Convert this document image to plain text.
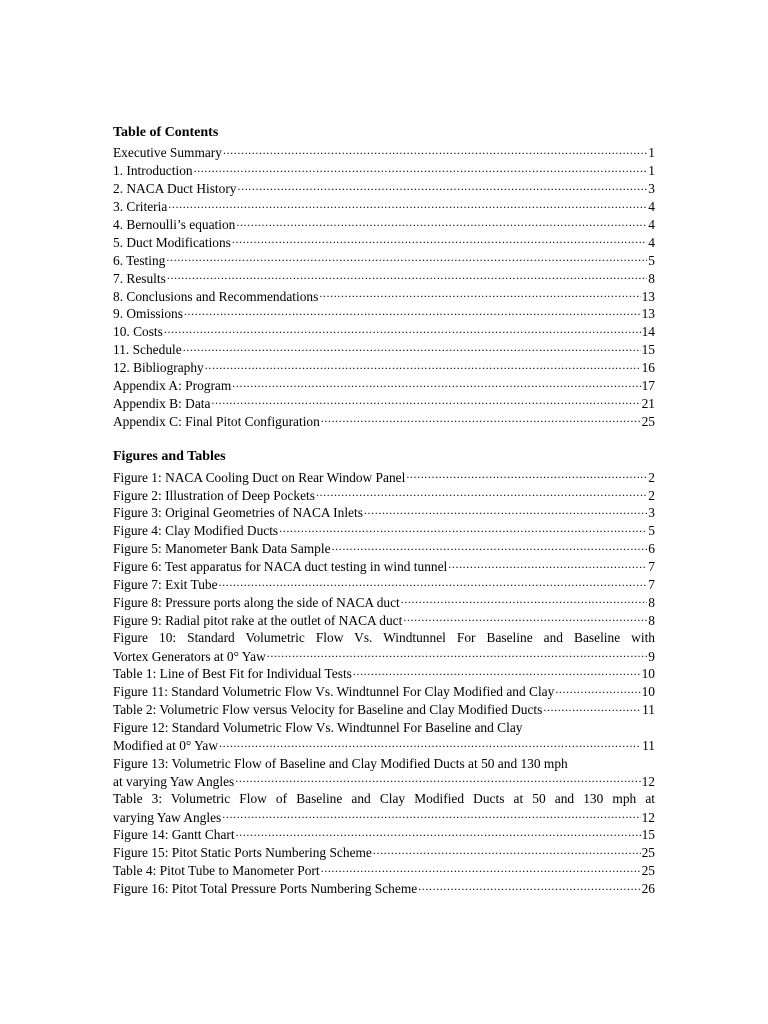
Table of Contents
Executive Summary .....	1
1. Introduction .....	1
2. NACA Duct History .....	3
3. Criteria .....	4
4. Bernoulli’s equation .....	4
5. Duct Modifications .....	4
6. Testing .....	5
7. Results .....	8
8. Conclusions and Recommendations .....	13
9. Omissions .....	13
10. Costs .....	14
11. Schedule .....	15
12. Bibliography .....	16
Appendix A: Program .....	17
Appendix B: Data .....	21
Appendix C: Final Pitot Configuration .....	25
Figures and Tables
Figure 1: NACA Cooling Duct on Rear Window Panel .....	2
Figure 2: Illustration of Deep Pockets .....	2
Figure 3: Original Geometries of NACA Inlets .....	3
Figure 4: Clay Modified Ducts .....	5
Figure 5: Manometer Bank Data Sample .....	6
Figure 6: Test apparatus for NACA duct testing in wind tunnel .....	7
Figure 7: Exit Tube .....	7
Figure 8: Pressure ports along the side of NACA duct .....	8
Figure 9: Radial pitot rake at the outlet of NACA duct .....	8
Figure 10: Standard Volumetric Flow Vs. Windtunnel For Baseline and Baseline with
Vortex Generators at 0° Yaw .....	9
Table 1: Line of Best Fit for Individual Tests .....	10
Figure 11: Standard Volumetric Flow Vs. Windtunnel For Clay Modified and Clay .....	10
Table 2: Volumetric Flow versus Velocity for Baseline and Clay Modified Ducts .....	11
Figure 12: Standard Volumetric Flow Vs. Windtunnel For Baseline and Clay
Modified at 0° Yaw .....	11
Figure 13: Volumetric Flow of Baseline and Clay Modified Ducts at 50 and 130 mph
at varying Yaw Angles .....	12
Table 3: Volumetric Flow of Baseline and Clay Modified Ducts at 50 and 130 mph at
varying Yaw Angles .....	12
Figure 14: Gantt Chart .....	15
Figure 15: Pitot Static Ports Numbering Scheme .....	25
Table 4: Pitot Tube to Manometer Port .....	25
Figure 16: Pitot Total Pressure Ports Numbering Scheme .....	26
